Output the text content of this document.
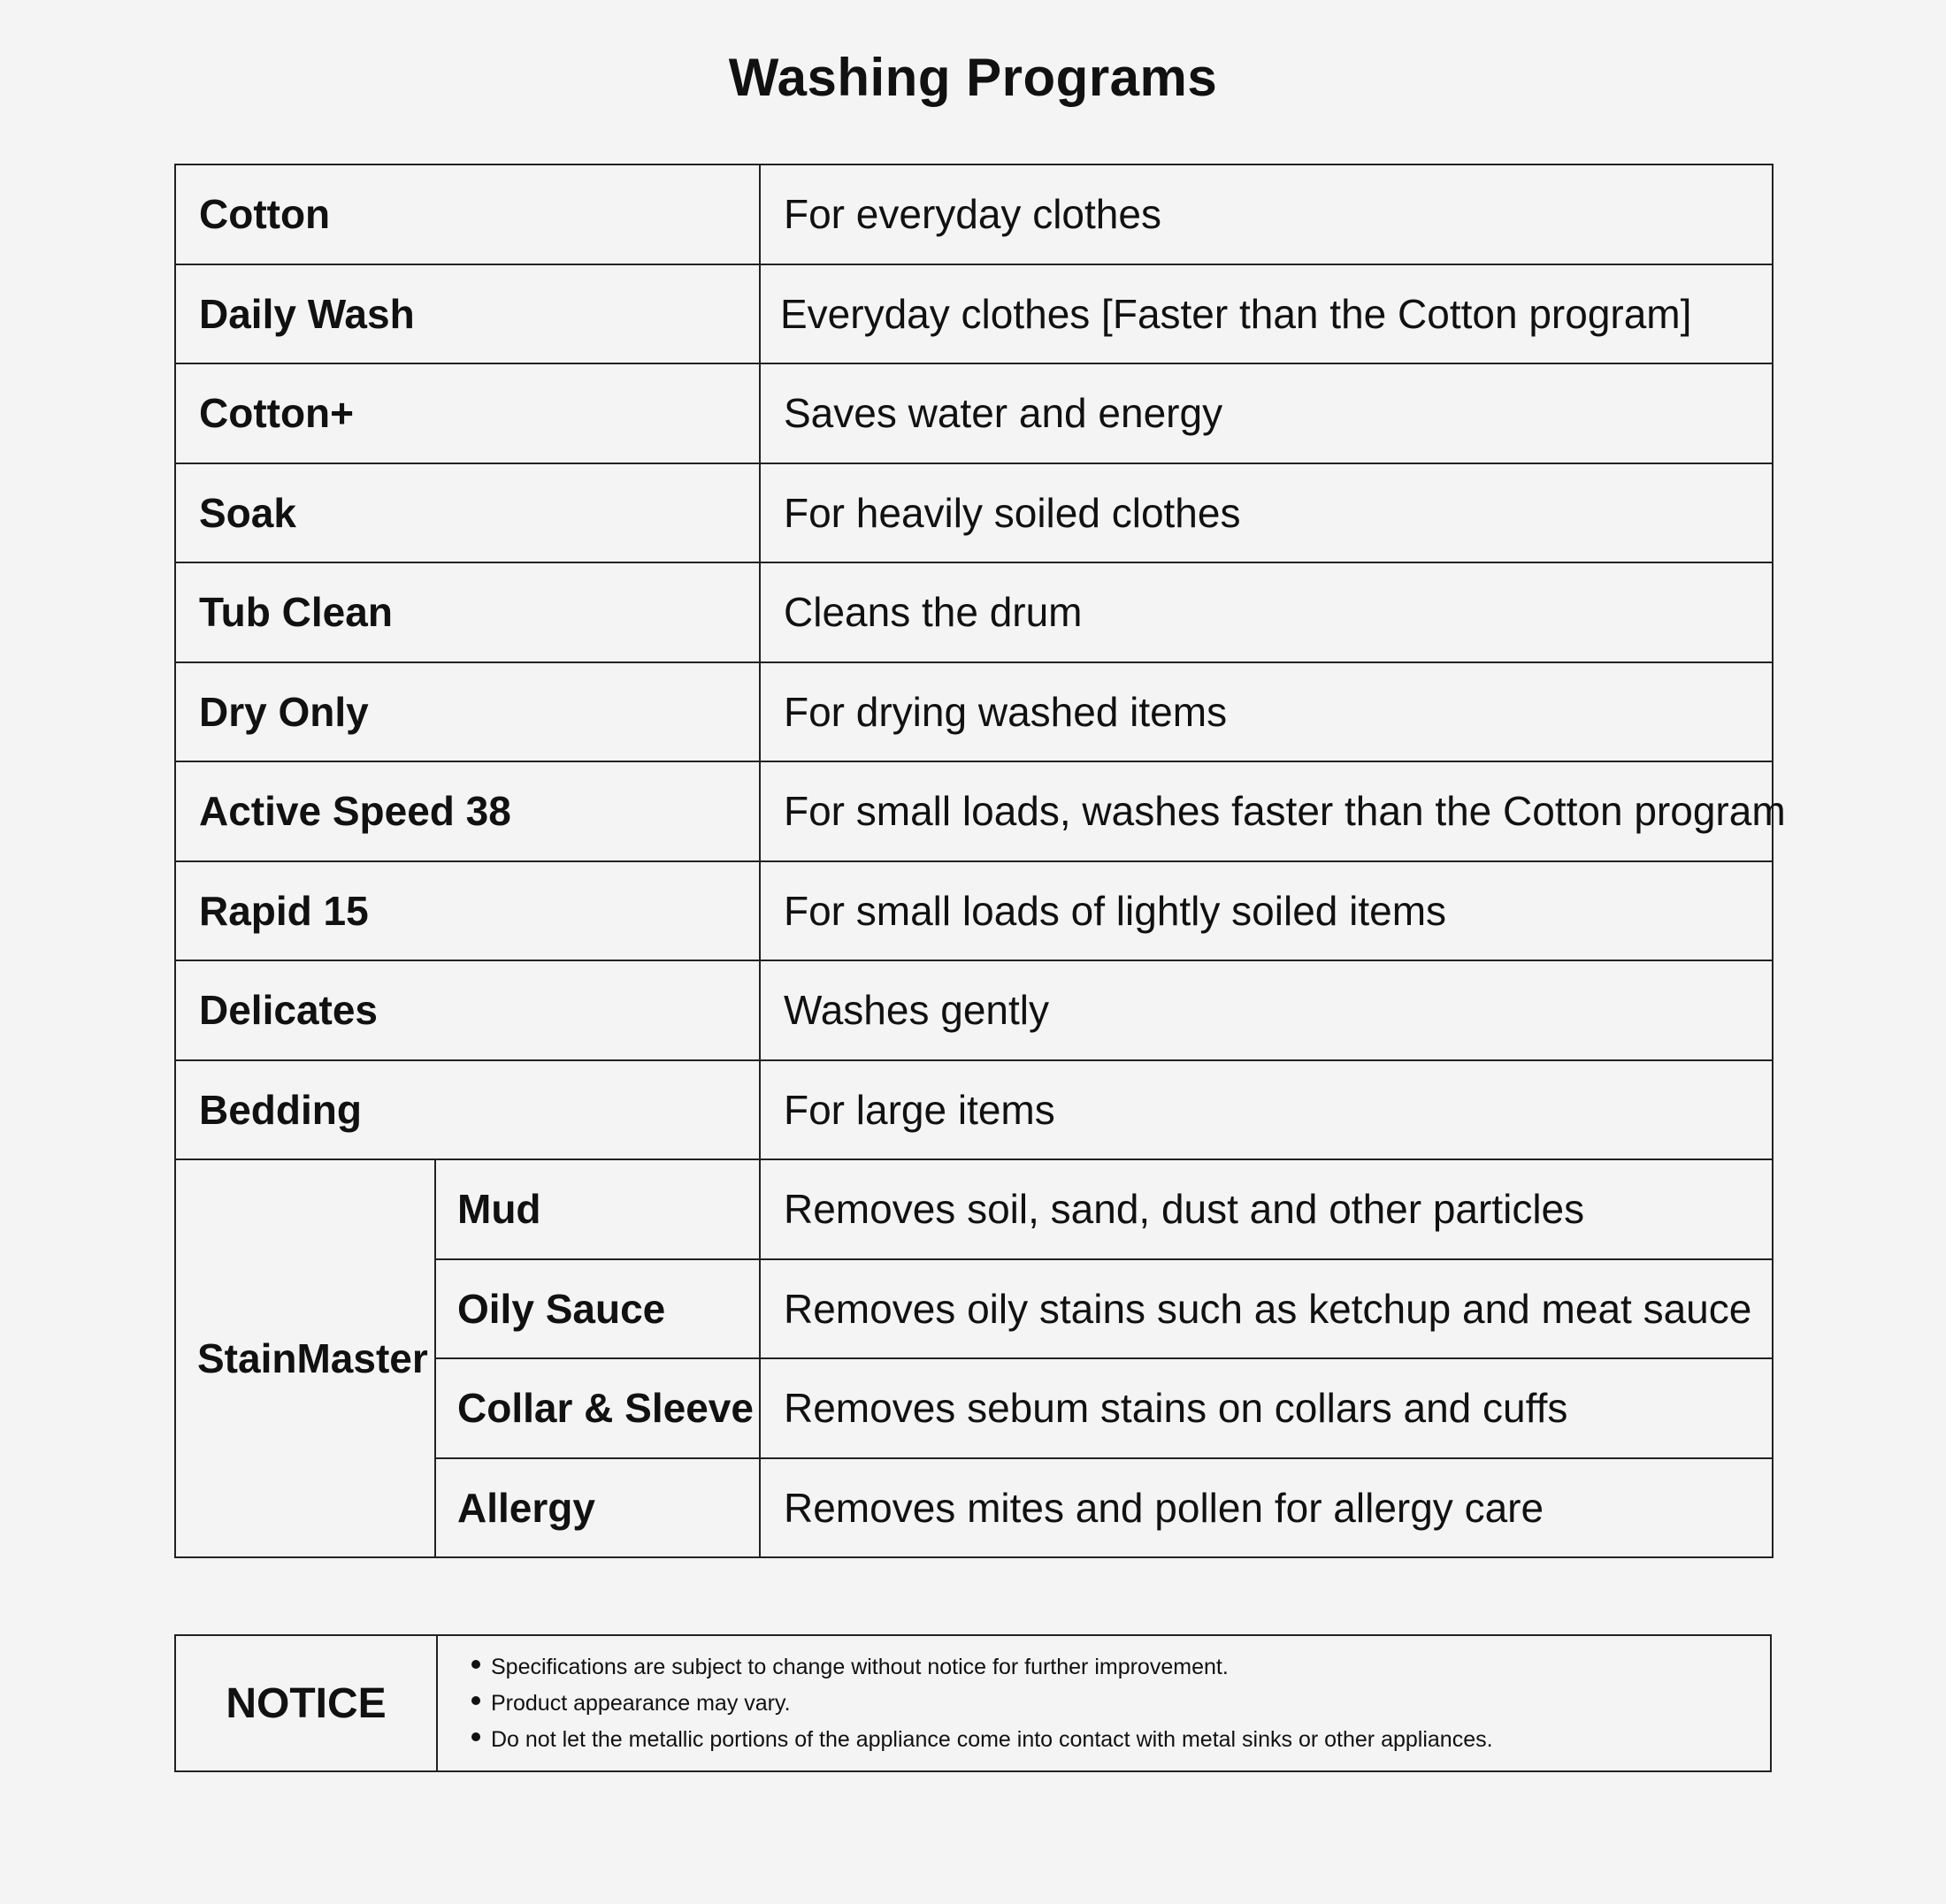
Washing Programs
Cotton		For everyday clothes
Daily Wash		Everyday clothes [Faster than the Cotton program]
Cotton+		Saves water and energy
Soak		For heavily soiled clothes
Tub Clean		Cleans the drum
Dry Only		For drying washed items
Active Speed 38		For small loads, washes faster than the Cotton program
Rapid 15		For small loads of lightly soiled items
Delicates		Washes gently
Bedding		For large items
StainMaster	Mud	Removes soil, sand, dust and other particles
	Oily Sauce	Removes oily stains such as ketchup and meat sauce
	Collar & Sleeve	Removes sebum stains on collars and cuffs
	Allergy	Removes mites and pollen for allergy care
NOTICE	
Specifications are subject to change without notice for further improvement.
Product appearance may vary.
Do not let the metallic portions of the appliance come into contact with metal sinks or other appliances.
